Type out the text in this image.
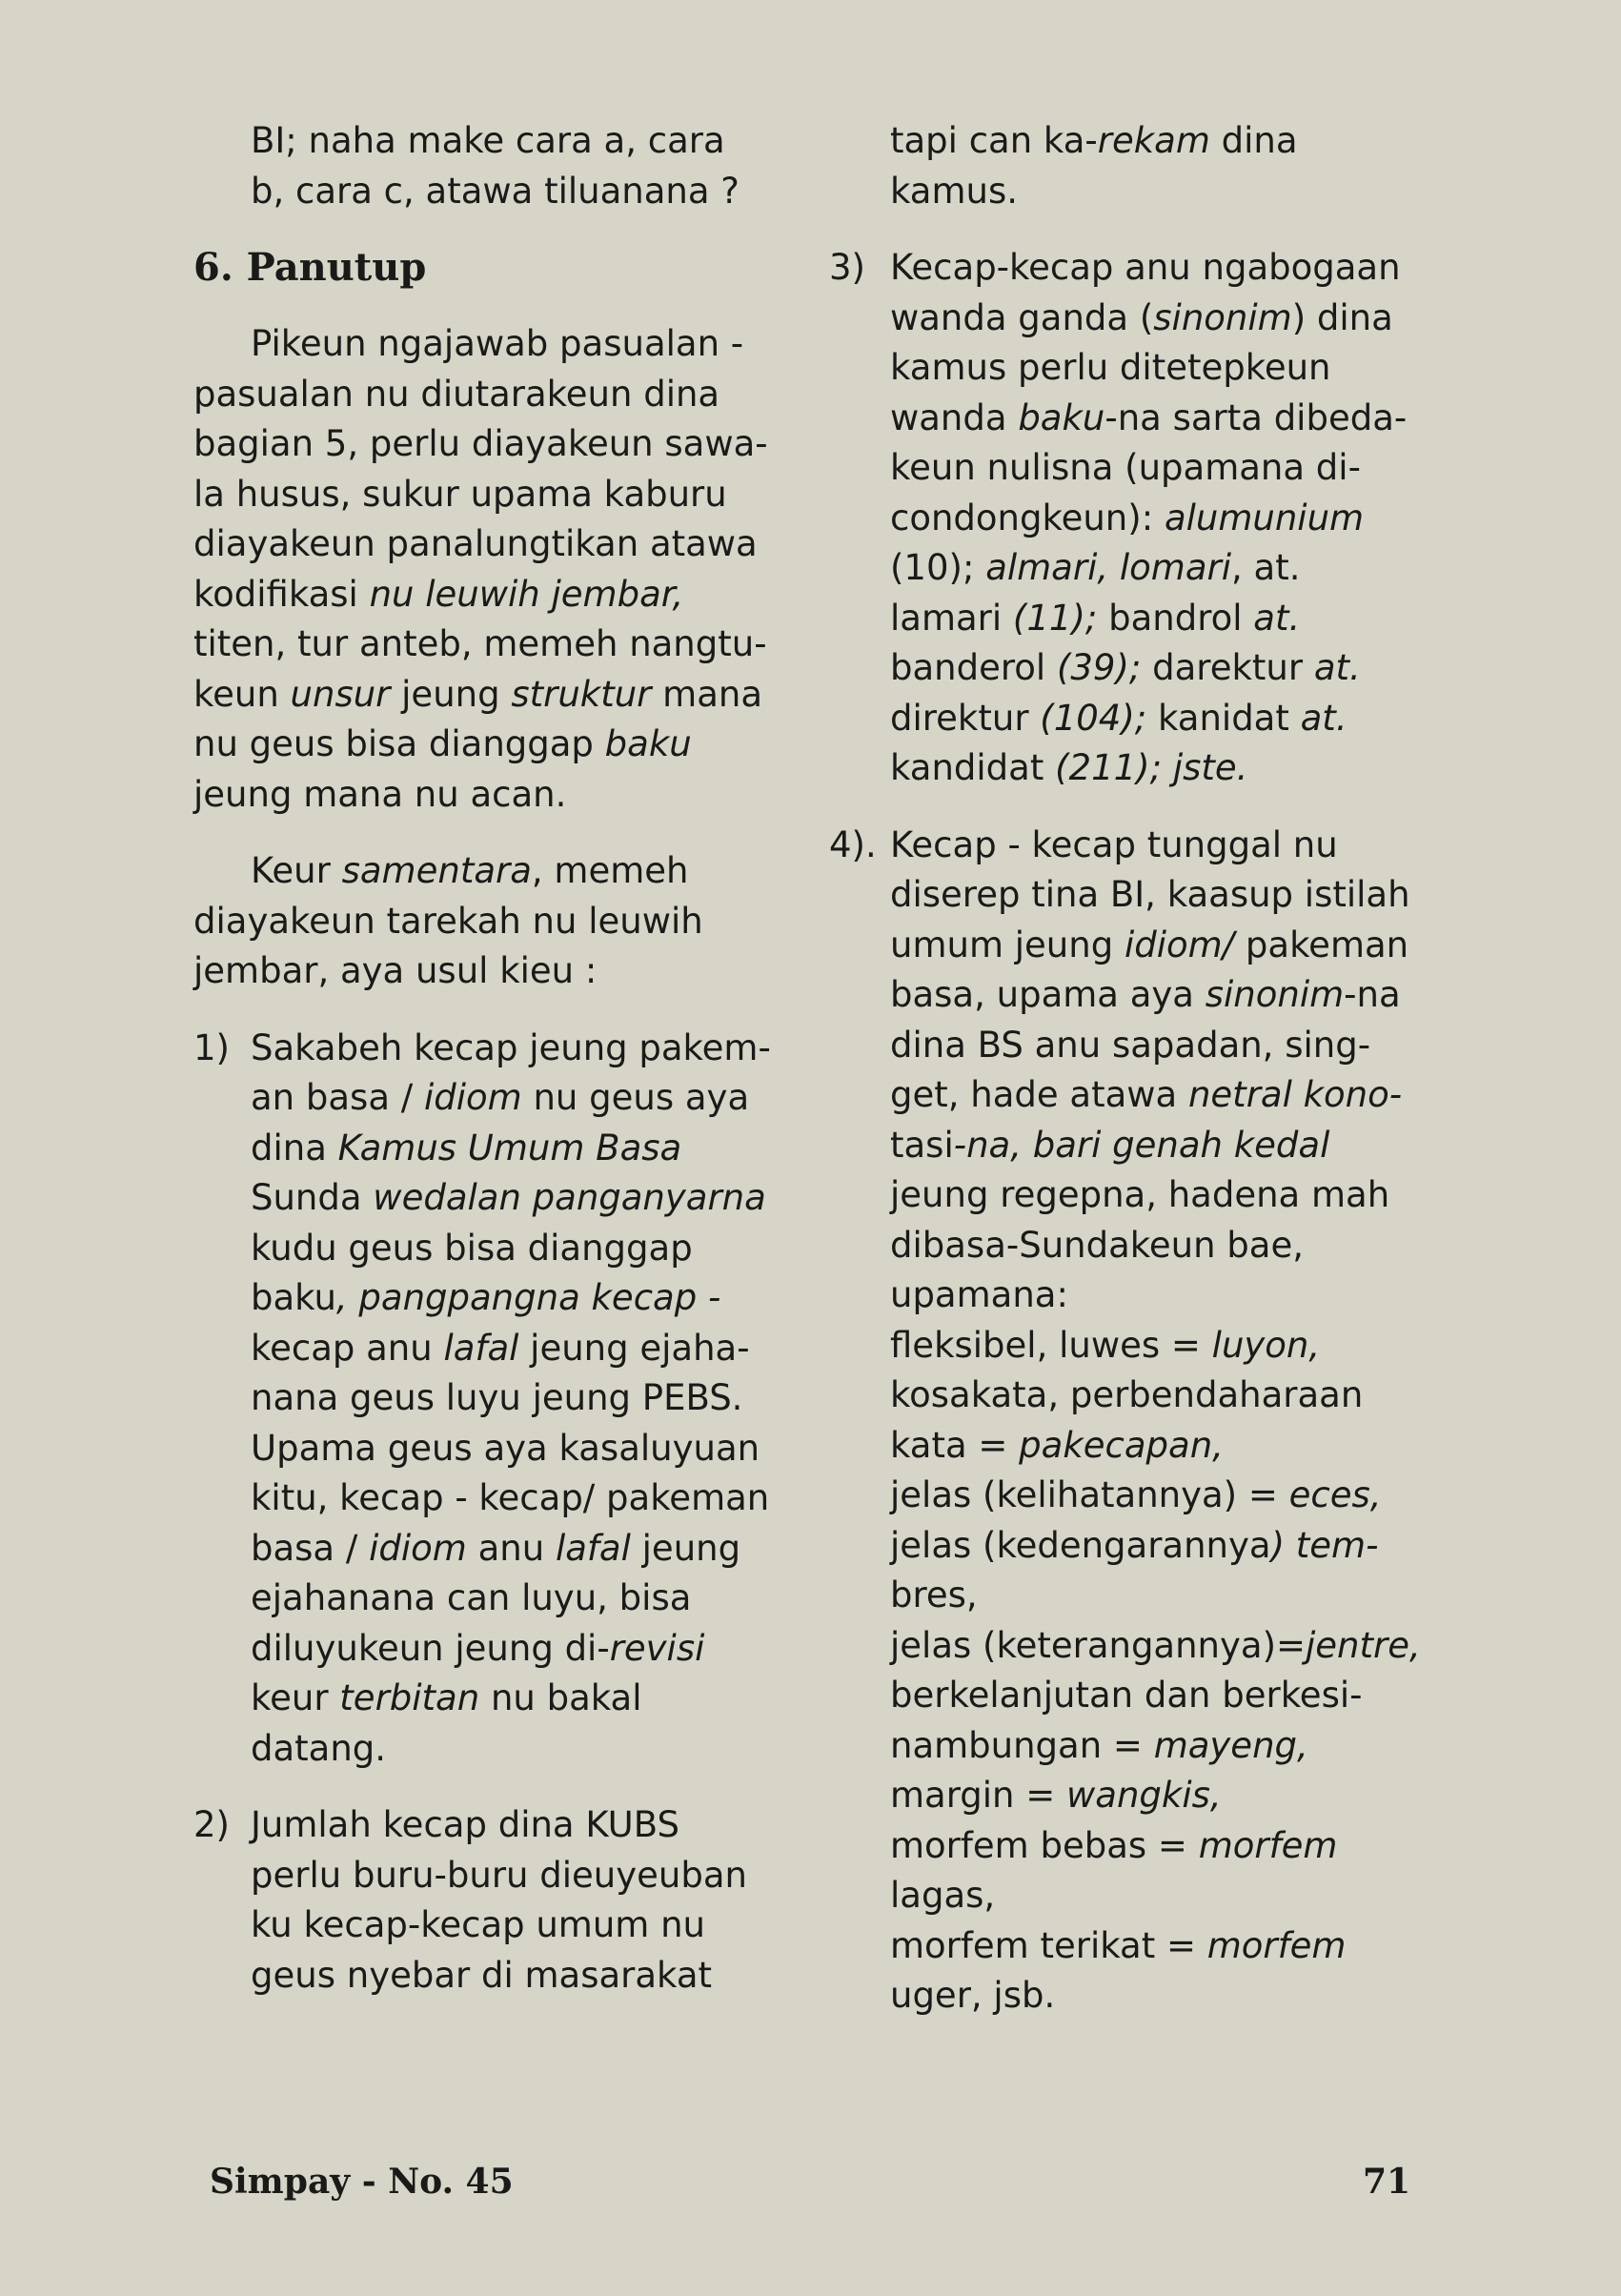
BI; naha make cara a, cara
b, cara c, atawa tiluanana ?
6. Panutup

Pikeun ngajawab pasualan -
pasualan nu diutarakeun dina
bagian 5, perlu diayakeun sawa-
la husus, sukur upama kaburu
diayakeun panalungtikan atawa
kodifikasi nu leuwih jembar,
titen, tur anteb, memeh nangtu-
keun unsur jeung struktur mana
nu geus bisa dianggap baku
jeung mana nu acan.

Keur samentara, memeh
diayakeun tarekah nu leuwih
jembar, aya usul kieu :

1) Sakabeh kecap jeung pakem-
an basa / idiom nu geus aya
dina Kamus Umum Basa
Sunda wedalan panganyarna
kudu geus bisa dianggap
baku, pangpangna kecap -
kecap anu lafal jeung ejaha-
nana geus luyu jeung PEBS.
Upama geus aya kasaluyuan
kitu, kecap - kecap/ pakeman
basa / idiom anu lafal jeung
ejahanana can luyu, bisa
diluyukeun jeung di-revisi
keur terbitan nu bakal
datang.
2) Jumlah kecap dina KUBS
perlu buru-buru dieuyeuban
ku kecap-kecap umum nu
geus nyebar di masarakat
tapi can ka-rekam dina
kamus.
3) Kecap-kecap anu ngabogaan
wanda ganda (sinonim) dina
kamus perlu ditetepkeun
wanda baku-na sarta dibeda-
keun nulisna (upamana di-
condongkeun): alumunium
(10); almari, lomari, at.
lamari (11); bandrol at.
banderol (39); darektur at.
direktur (104); kanidat at.
kandidat (211); jste.
4). Kecap - kecap tunggal nu
diserep tina BI, kaasup istilah
umum jeung idiom/ pakeman
basa, upama aya sinonim-na
dina BS anu sapadan, sing-
get, hade atawa netral kono-
tasi-na, bari genah kedal
jeung regepna, hadena mah
dibasa-Sundakeun bae,
upamana:
fleksibel, luwes = luyon,
kosakata, perbendaharaan
kata = pakecapan,
jelas (kelihatannya) = eces,
jelas (kedengarannya) tem-
bres,
jelas (keterangannya)=jentre,
berkelanjutan dan berkesi-
nambungan = mayeng,
margin = wangkis,
morfem bebas = morfem
lagas,
morfem terikat = morfem
uger, jsb.
Simpay - No. 45	71
